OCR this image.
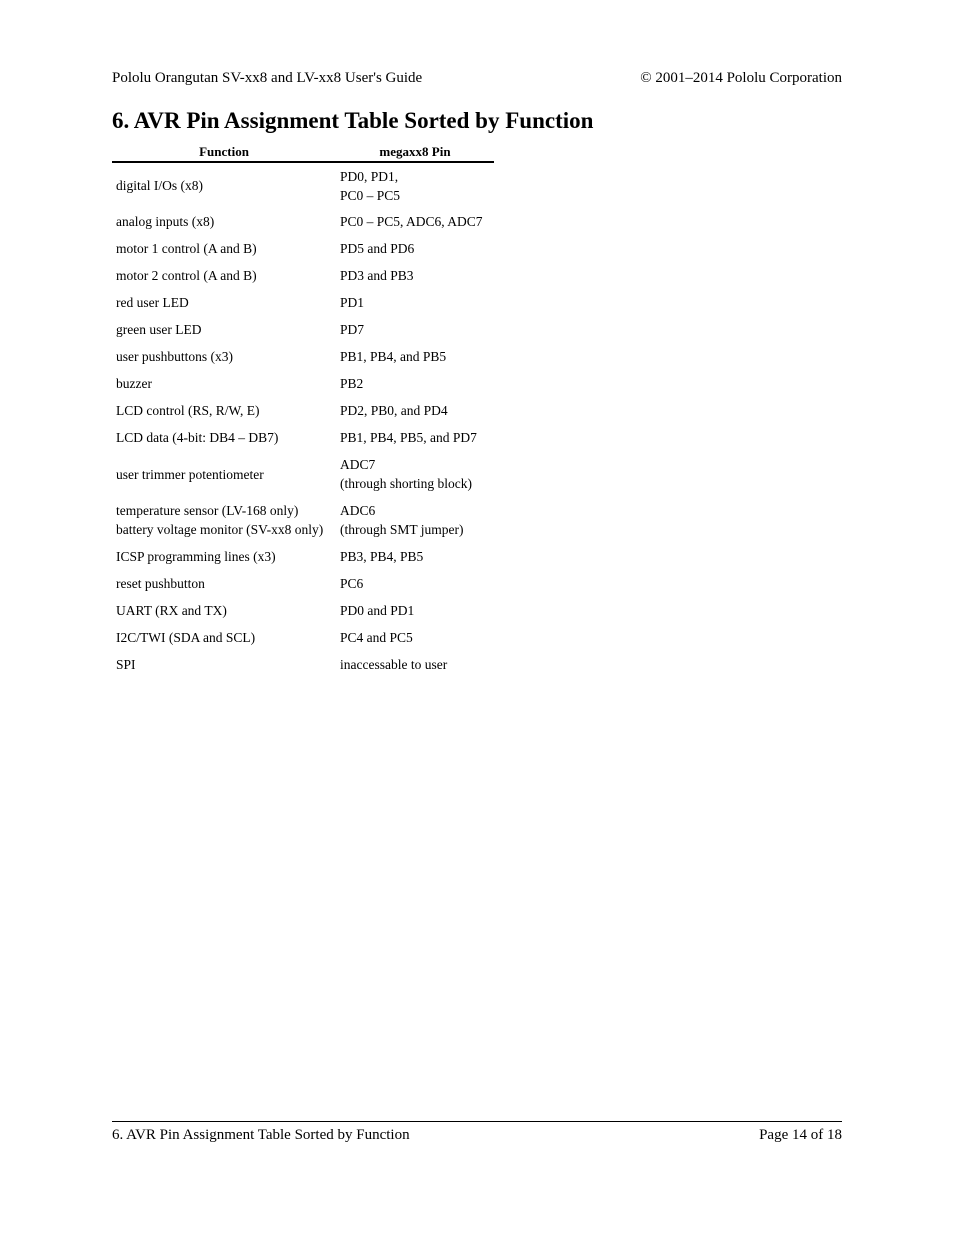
Pololu Orangutan SV-xx8 and LV-xx8 User's Guide	© 2001–2014 Pololu Corporation
6. AVR Pin Assignment Table Sorted by Function
Function	megaxx8 Pin

digital I/Os (x8)	PD0, PD1,
PC0 – PC5

analog inputs (x8)	PC0 – PC5, ADC6, ADC7

motor 1 control (A and B)	PD5 and PD6

motor 2 control (A and B)	PD3 and PB3

red user LED	PD1

green user LED	PD7

user pushbuttons (x3)	PB1, PB4, and PB5

buzzer	PB2

LCD control (RS, R/W, E)	PD2, PB0, and PD4

LCD data (4-bit: DB4 – DB7)	PB1, PB4, PB5, and PD7

user trimmer potentiometer	ADC7
(through shorting block)

temperature sensor (LV-168 only)
battery voltage monitor (SV-xx8 only)	ADC6
(through SMT jumper)

ICSP programming lines (x3)	PB3, PB4, PB5

reset pushbutton	PC6

UART (RX and TX)	PD0 and PD1

I2C/TWI (SDA and SCL)	PC4 and PC5

SPI	inaccessable to user
6. AVR Pin Assignment Table Sorted by Function	Page 14 of 18
